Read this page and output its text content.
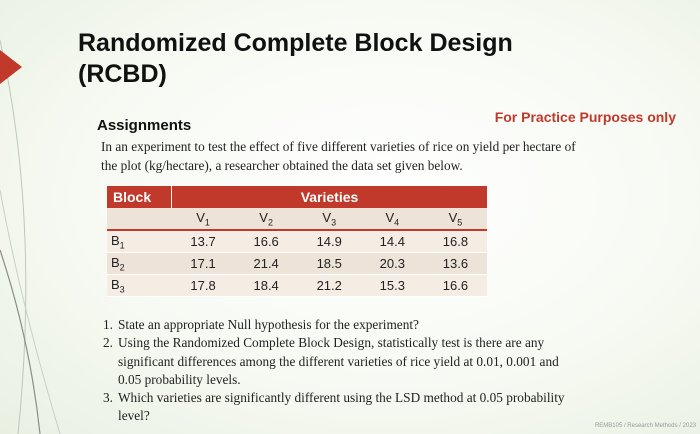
Randomized Complete Block Design
(RCBD)
For Practice Purposes only
Assignments
In an experiment to test the effect of five different varieties of rice on yield per hectare of the plot (kg/hectare), a researcher obtained the data set given below.
Block	Varieties				
	$V_1$	$V_2$	$V_3$	$V_4$	$V_5$
$B_1$	13.7	16.6	14.9	14.4	16.8
$B_2$	17.1	21.4	18.5	20.3	13.6
$B_3$	17.8	18.4	21.2	15.3	16.6
1. State an appropriate Null hypothesis for the experiment?
2. Using the Randomized Complete Block Design, statistically test is there are any significant differences among the different varieties of rice yield at 0.01, 0.001 and 0.05 probability levels.
3. Which varieties are significantly different using the LSD method at 0.05 probability level?
REMB105 / Research Methods / 2023
